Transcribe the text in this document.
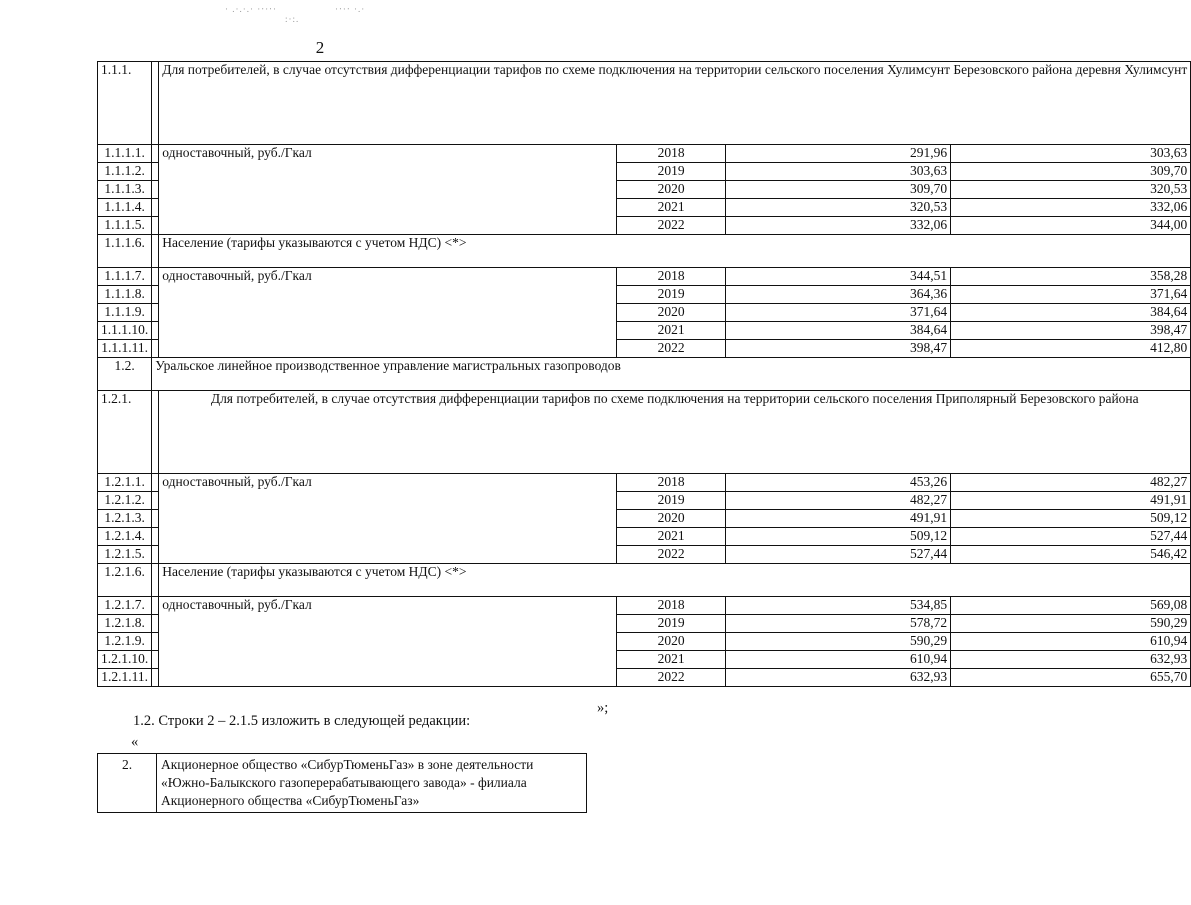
· .·.·.· ·‧·‧·
:·:.
·‧·‧ ·.·
2
1.1.1.		Для потребителей, в случае отсутствия дифференциации тарифов по схеме подключения на территории сельского поселения Хулимсунт Березовского района деревня Хулимсунт			
1.1.1.1.		одноставочный, руб./Гкал	2018	291,96	303,63
1.1.1.2.			2019	303,63	309,70
1.1.1.3.			2020	309,70	320,53
1.1.1.4.			2021	320,53	332,06
1.1.1.5.			2022	332,06	344,00
1.1.1.6.		Население (тарифы указываются с учетом НДС) <*>			
1.1.1.7.		одноставочный, руб./Гкал	2018	344,51	358,28
1.1.1.8.			2019	364,36	371,64
1.1.1.9.			2020	371,64	384,64
1.1.1.10.			2021	384,64	398,47
1.1.1.11.			2022	398,47	412,80
1.2.	Уральское линейное производственное управление магистральных газопроводов				
1.2.1.		Для потребителей, в случае отсутствия дифференциации тарифов по схеме подключения на территории сельского поселения Приполярный Березовского района			
1.2.1.1.		одноставочный, руб./Гкал	2018	453,26	482,27
1.2.1.2.			2019	482,27	491,91
1.2.1.3.			2020	491,91	509,12
1.2.1.4.			2021	509,12	527,44
1.2.1.5.			2022	527,44	546,42
1.2.1.6.		Население (тарифы указываются с учетом НДС) <*>			
1.2.1.7.		одноставочный, руб./Гкал	2018	534,85	569,08
1.2.1.8.			2019	578,72	590,29
1.2.1.9.			2020	590,29	610,94
1.2.1.10.			2021	610,94	632,93
1.2.1.11.			2022	632,93	655,70
»;
1.2. Строки 2 – 2.1.5 изложить в следующей редакции:
«
2.	Акционерное общество «СибурТюменьГаз» в зоне деятельности «Южно-Балыкского газоперерабатывающего завода» - филиала Акционерного общества «СибурТюменьГаз»
